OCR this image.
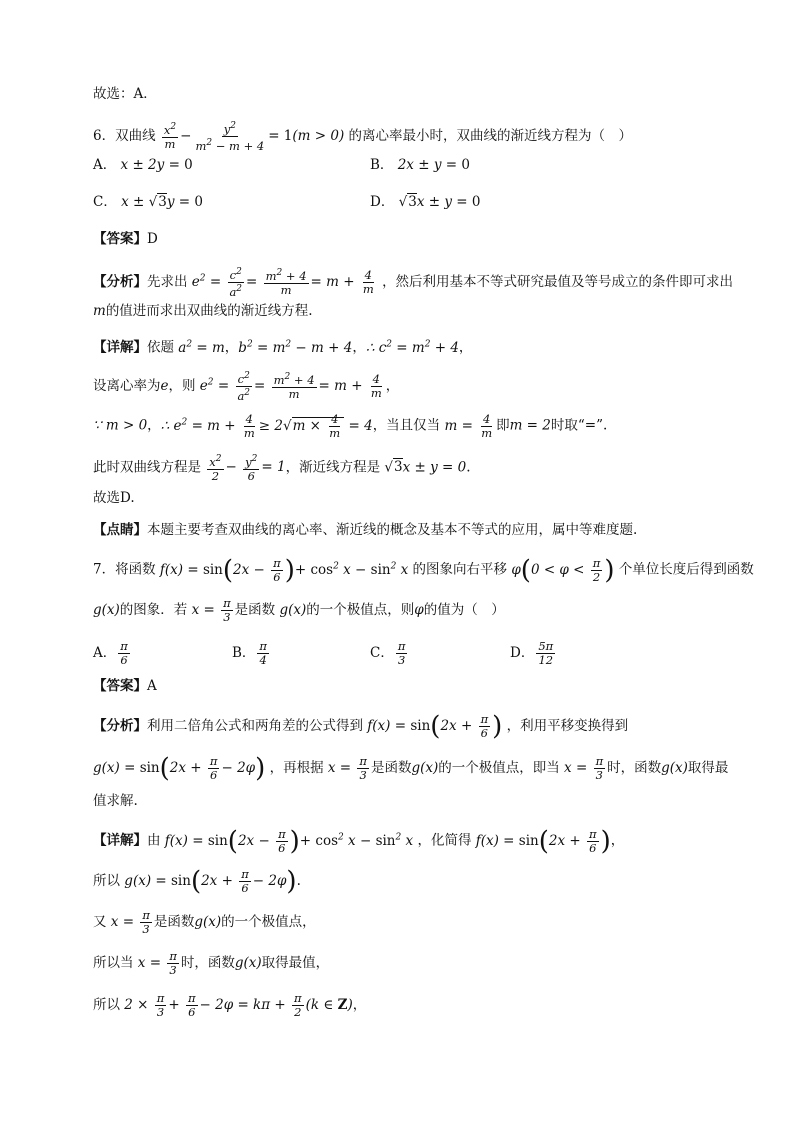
故选：A．
6．双曲线 $\frac{x^2}{m} - \frac{y^2}{m^2 - m + 4} = 1(m > 0)$ 的离心率最小时，双曲线的渐近线方程为（　）
A． x ± 2y = 0	B． 2x ± y = 0
C． x ± √3y = 0	D． √3x ± y = 0
【答案】D
【分析】先求出 $e^2 = \frac{c^2}{a^2} = \frac{m^2 + 4}{m} = m + \frac{4}{m}$ ，然后利用基本不等式研究最值及等号成立的条件即可求出
m的值进而求出双曲线的渐近线方程.
【详解】依题 $a^2 = m$，$b^2 = m^2 - m + 4$，∴ $c^2 = m^2 + 4$，
设离心率为e，则 $e^2 = \frac{c^2}{a^2} = \frac{m^2 + 4}{m} = m + \frac{4}{m}$ ，
∵ m > 0，∴ $e^2 = m + \frac{4}{m} \ge 2√m \times \frac{4}{m} = 4$，当且仅当 $m = \frac{4}{m}$ 即m = 2时取“=”.
此时双曲线方程是 $\frac{x^2}{2} - \frac{y^2}{6} = 1$，渐近线方程是 √3x ± y = 0.
故选D.
【点睛】本题主要考查双曲线的离心率、渐近线的概念及基本不等式的应用，属中等难度题.
7．将函数 $f(x) = \sin(2x - \frac{\pi}{6}$ )+ $\cos^2 x - \sin^2 x$ 的图象向右平移 $\varphi(0 < \varphi < \frac{\pi}{2}$ ) 个单位长度后得到函数
g(x)的图象．若 $x = \frac{\pi}{3}$ 是函数 g(x)的一个极值点，则φ的值为（　）
A． $\frac{\pi}{6}$	B． $\frac{\pi}{4}$	C． $\frac{\pi}{3}$	D． $\frac{5\pi}{12}$
【答案】A
【分析】利用二倍角公式和两角差的公式得到 $f(x) = \sin(2x + \frac{\pi}{6}$ ) ，利用平移变换得到
$g(x) = \sin(2x + \frac{\pi}{6} - 2\varphi)$ ，再根据 $x = \frac{\pi}{3}$ 是函数g(x)的一个极值点，即当 $x = \frac{\pi}{3}$ 时，函数g(x)取得最
值求解.
【详解】由 $f(x) = \sin(2x - \frac{\pi}{6}$ )+ $\cos^2 x - \sin^2 x$ ，化简得 $f(x) = \sin(2x + \frac{\pi}{6}$ )，
所以 $g(x) = \sin(2x + \frac{\pi}{6} - 2\varphi)$.
又 $x = \frac{\pi}{3}$ 是函数g(x)的一个极值点，
所以当 $x = \frac{\pi}{3}$ 时，函数g(x)取得最值，
所以 $2 \times \frac{\pi}{3} + \frac{\pi}{6} - 2\varphi = k\pi + \frac{\pi}{2} (k$ ∈ Z)，
